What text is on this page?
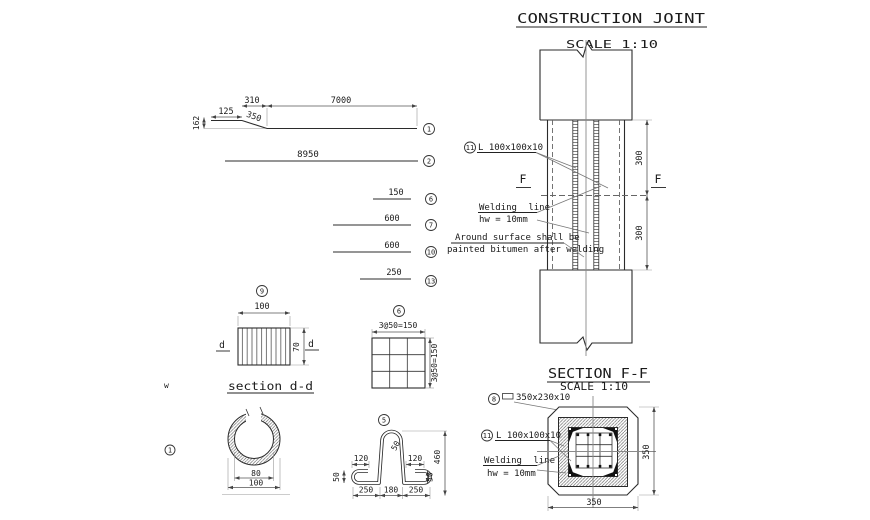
CONSTRUCTION JOINT
SCALE 1:10
300
300
F	F
11 L 100x100x10
Welding line
hw = 10mm
Around surface shall be
painted bitumen after welding
125
310	7000
350
162	1
8950
2
150
6
600
7
600
10
250
13
9
100
70
d	d
section d-d
6
3@50=150
3@50=150
w
1
80
100
5
120
50
50
120
50
460
250 180 250
SECTION F-F
SCALE 1:10
8 350x230x10
350
350
11 L 100x100x10
Welding line
hw = 10mm
